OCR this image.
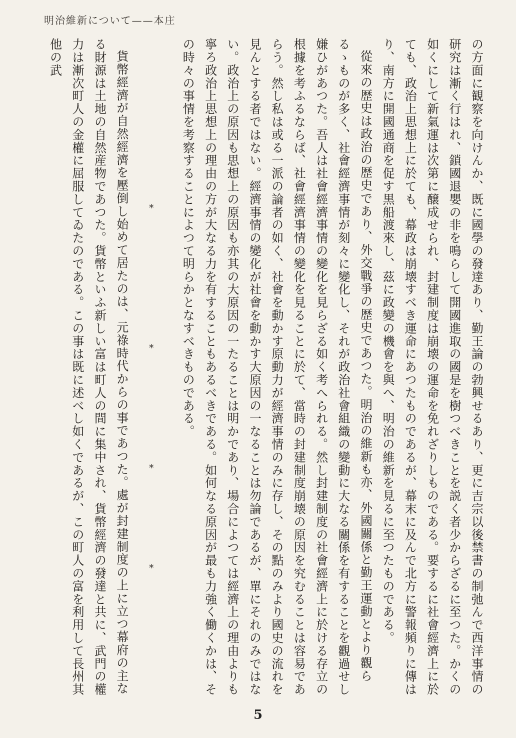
明治維新について——本庄

の方面に観察を向けんか、既に國學の發達あり、勤王論の勃興せるあり、更に吉宗以後禁書の制弛んで西洋事情の研究は漸く行はれ、鎖國退嬰の非を鳴らして開國進取の國是を樹つべきことを説く者少からざるに至つた。かくの如くにして新氣運は次第に醸成せられ、封建制度は崩壊の運命を免れざりしものである。要するに社會經濟上に於ても、政治上思想上に於ても、幕政は崩壊すべき運命にあつたものであるが、幕末に及んで北方に警報頻りに傳はり、南方に開國通商を促す黒船渡來し、茲に政變の機會を與へ、明治の維新を見るに至つたものである。

從來の歴史は政治の歴史であり、外交戰爭の歴史であつた。明治の維新も亦、外國關係と勤王運動とより觀らるゝものが多く、社會經濟事情が刻々に變化し、それが政治社會組織の變動に大なる關係を有することを觀過せし嫌ひがあつた。吾人は社會經濟事情の變化を見らざる如く考へられる。然し封建制度の社會經濟上に於ける存立の根據を考ふるならば、社會經濟事情の變化を見ることに於て、當時の封建制度崩壊の原因を究むることは容易であらう。然し私は或る一派の論者の如く、社會を動かす原動力が經濟事情のみに存し、その點のみより國史の流れを見んとする者ではない。經濟事情の變化が社會を動かす大原因の一なることは勿論であるが、單にそれのみではない。政治上の原因も思想上の原因も亦其の大原因の一たることは明かであり、場合によつては經濟上の理由よりも寧ろ政治上思想上の理由の方が大なる力を有することもあるべきである。如何なる原因が最も力強く働くかは、その時々の事情を考察することによつて明らかとなすべきものである。

*
*
*
*

貨幣經濟が自然經濟を壓倒し始めて居たのは、元祿時代からの事であつた。處が封建制度の上に立つ幕府の主なる財源は土地の自然産物であつた。貨幣といふ新しい富は町人の間に集中され、貨幣經濟の發達と共に、武門の權力は漸次町人の金權に屈服してゐたのである。この事は既に述べし如くであるが、この町人の富を利用して長州其他の武

5
